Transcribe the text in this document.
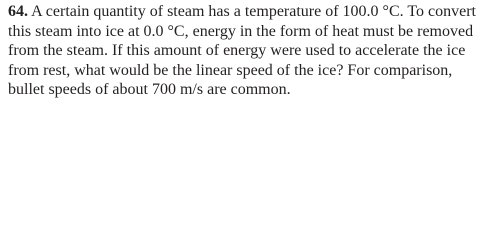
64. A certain quantity of steam has a temperature of 100.0 °C. To convert
this steam into ice at 0.0 °C, energy in the form of heat must be removed
from the steam. If this amount of energy were used to accelerate the ice
from rest, what would be the linear speed of the ice? For comparison,
bullet speeds of about 700 m/s are common.
